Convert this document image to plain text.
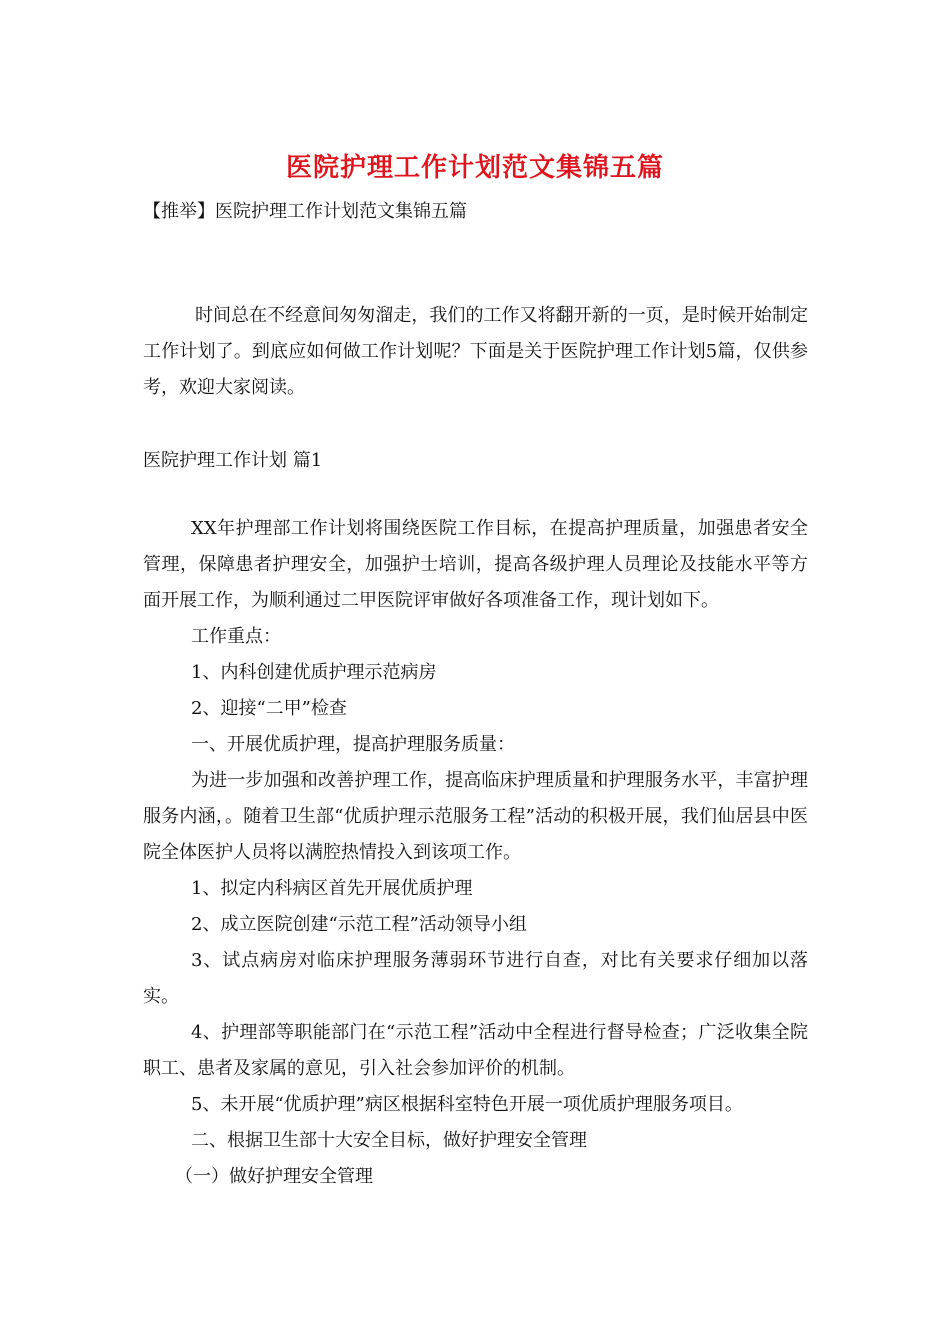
医院护理工作计划范文集锦五篇
【推举】医院护理工作计划范文集锦五篇

时间总在不经意间匆匆溜走，我们的工作又将翻开新的一页，是时候开始制定工作计划了。到底应如何做工作计划呢？下面是关于医院护理工作计划5篇，仅供参考，欢迎大家阅读。

医院护理工作计划 篇1

XX年护理部工作计划将围绕医院工作目标，在提高护理质量，加强患者安全管理，保障患者护理安全，加强护士培训，提高各级护理人员理论及技能水平等方面开展工作，为顺利通过二甲医院评审做好各项准备工作，现计划如下。

工作重点：

1、内科创建优质护理示范病房

2、迎接“二甲”检查

一、开展优质护理，提高护理服务质量：

为进一步加强和改善护理工作，提高临床护理质量和护理服务水平，丰富护理服务内涵，。随着卫生部“优质护理示范服务工程”活动的积极开展，我们仙居县中医院全体医护人员将以满腔热情投入到该项工作。

1、拟定内科病区首先开展优质护理

2、成立医院创建“示范工程”活动领导小组

3、试点病房对临床护理服务薄弱环节进行自查，对比有关要求仔细加以落实。

4、护理部等职能部门在“示范工程”活动中全程进行督导检查；广泛收集全院职工、患者及家属的意见，引入社会参加评价的机制。

5、未开展“优质护理”病区根据科室特色开展一项优质护理服务项目。

二、根据卫生部十大安全目标，做好护理安全管理

（一）做好护理安全管理
